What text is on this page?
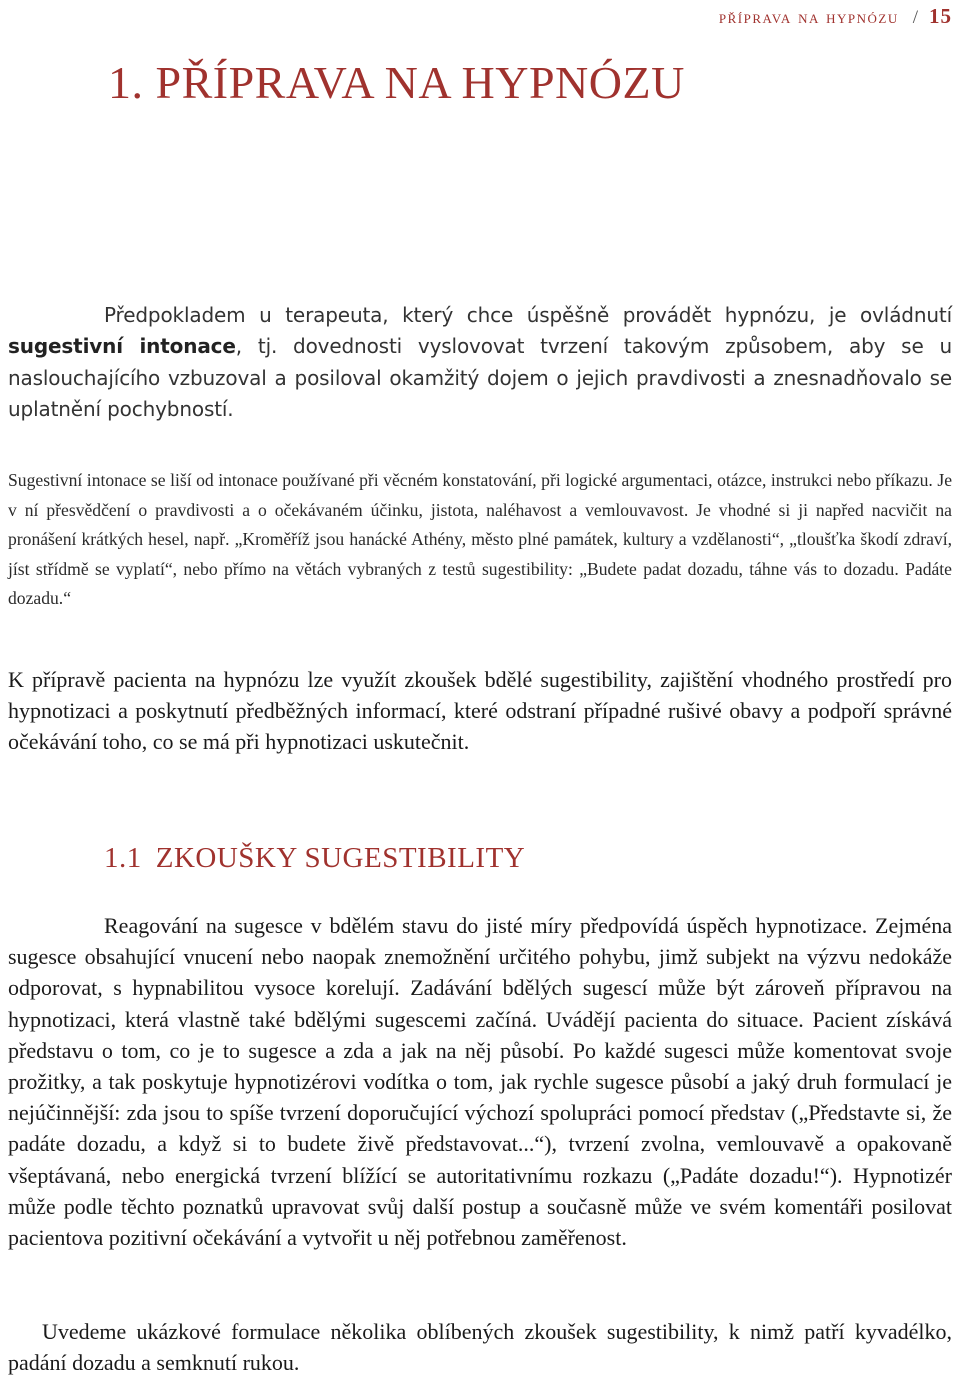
příprava na hypnózu / 15
1. PŘÍPRAVA NA HYPNÓZU

Předpokladem u terapeuta, který chce úspěšně provádět hypnózu, je ovládnutí sugestivní intonace, tj. dovednosti vyslovovat tvrzení takovým způsobem, aby se u naslouchajícího vzbuzoval a posiloval okamžitý dojem o jejich pravdivosti a znesnadňovalo se uplatnění pochybností.

Sugestivní intonace se liší od intonace používané při věcném konstatování, při logické argumentaci, otázce, instrukci nebo příkazu. Je v ní přesvědčení o pravdivosti a o očekávaném účinku, jistota, naléhavost a vemlouvavost. Je vhodné si ji napřed nacvičit na pronášení krátkých hesel, např. „Kroměříž jsou hanácké Athény, město plné památek, kultury a vzdělanosti“, „tloušťka škodí zdraví, jíst střídmě se vyplatí“, nebo přímo na větách vybraných z testů sugestibility: „Budete padat dozadu, táhne vás to dozadu. Padáte dozadu.“

K přípravě pacienta na hypnózu lze využít zkoušek bdělé sugestibility, zajištění vhodného prostředí pro hypnotizaci a poskytnutí předběžných informací, které odstraní případné rušivé obavy a podpoří správné očekávání toho, co se má při hypnotizaci uskutečnit.

1.1 ZKOUŠKY SUGESTIBILITY

Reagování na sugesce v bdělém stavu do jisté míry předpovídá úspěch hypnotizace. Zejména sugesce obsahující vnucení nebo naopak znemožnění určitého pohybu, jimž subjekt na výzvu nedokáže odporovat, s hypnabilitou vysoce korelují. Zadávání bdělých sugescí může být zároveň přípravou na hypnotizaci, která vlastně také bdělými sugescemi začíná. Uvádějí pacienta do situace. Pacient získává představu o tom, co je to sugesce a zda a jak na něj působí. Po každé sugesci může komentovat svoje prožitky, a tak poskytuje hypnotizérovi vodítka o tom, jak rychle sugesce působí a jaký druh formulací je nejúčinnější: zda jsou to spíše tvrzení doporučující výchozí spolupráci pomocí představ („Představte si, že padáte dozadu, a když si to budete živě představovat...“), tvrzení zvolna, vemlouvavě a opakovaně všeptávaná, nebo energická tvrzení blížící se autoritativnímu rozkazu („Padáte dozadu!“). Hypnotizér může podle těchto poznatků upravovat svůj další postup a současně může ve svém komentáři posilovat pacientova pozitivní očekávání a vytvořit u něj potřebnou zaměřenost.

Uvedeme ukázkové formulace několika oblíbených zkoušek sugestibility, k nimž patří kyvadélko, padání dozadu a semknutí rukou.
